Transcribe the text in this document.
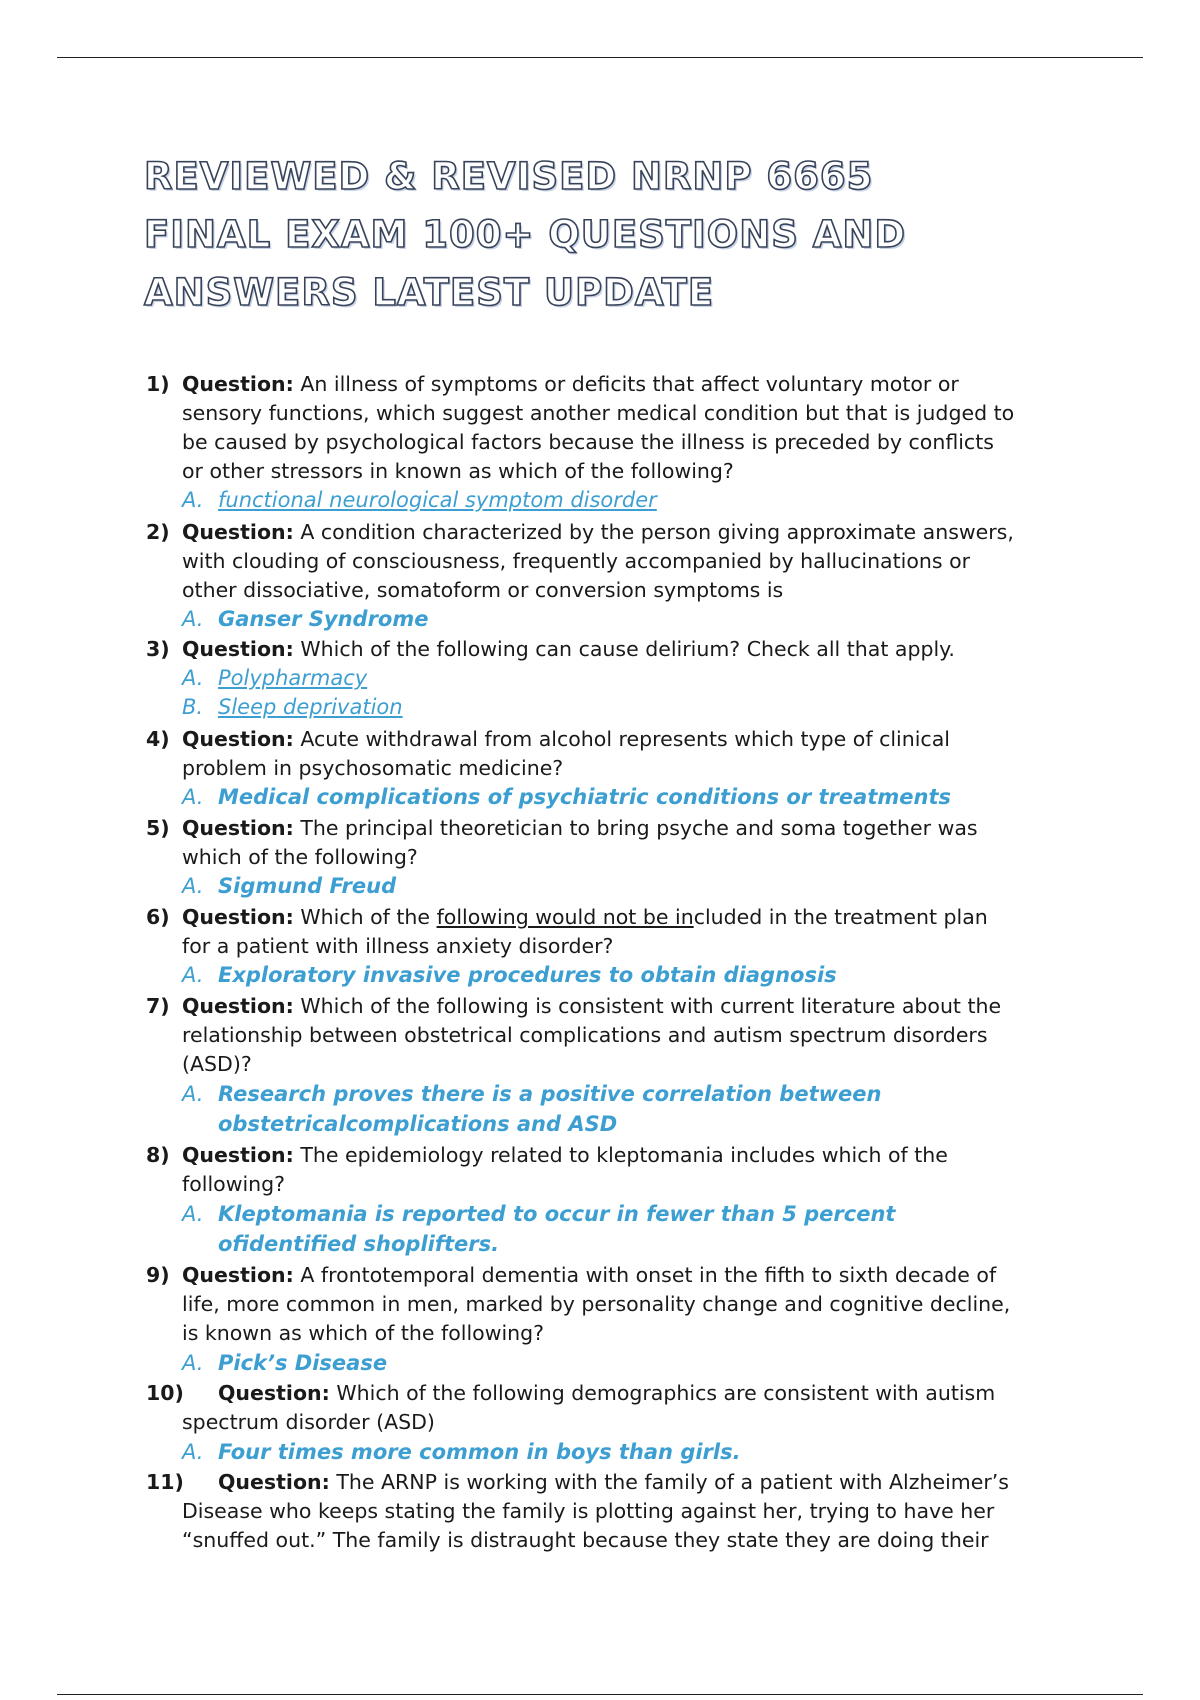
REVIEWED & REVISED NRNP 6665
FINAL EXAM 100+ QUESTIONS AND
ANSWERS LATEST UPDATE
1) Question: An illness of symptoms or deficits that affect voluntary motor or

sensory functions, which suggest another medical condition but that is judged to

be caused by psychological factors because the illness is preceded by conflicts

or other stressors in known as which of the following?

A. functional neurological symptom disorder

2) Question: A condition characterized by the person giving approximate answers,

with clouding of consciousness, frequently accompanied by hallucinations or

other dissociative, somatoform or conversion symptoms is

A. Ganser Syndrome

3) Question: Which of the following can cause delirium? Check all that apply.

A. Polypharmacy

B. Sleep deprivation

4) Question: Acute withdrawal from alcohol represents which type of clinical

problem in psychosomatic medicine?

A. Medical complications of psychiatric conditions or treatments

5) Question: The principal theoretician to bring psyche and soma together was

which of the following?

A. Sigmund Freud

6) Question: Which of the following would not be included in the treatment plan

for a patient with illness anxiety disorder?

A. Exploratory invasive procedures to obtain diagnosis

7) Question: Which of the following is consistent with current literature about the

relationship between obstetrical complications and autism spectrum disorders

(ASD)?

A. Research proves there is a positive correlation between

obstetricalcomplications and ASD

8) Question: The epidemiology related to kleptomania includes which of the

following?

A. Kleptomania is reported to occur in fewer than 5 percent

ofidentified shoplifters.

9) Question: A frontotemporal dementia with onset in the fifth to sixth decade of

life, more common in men, marked by personality change and cognitive decline,

is known as which of the following?

A. Pick’s Disease

10) Question: Which of the following demographics are consistent with autism

spectrum disorder (ASD)

A. Four times more common in boys than girls.

11) Question: The ARNP is working with the family of a patient with Alzheimer’s

Disease who keeps stating the family is plotting against her, trying to have her

“snuffed out.” The family is distraught because they state they are doing their
